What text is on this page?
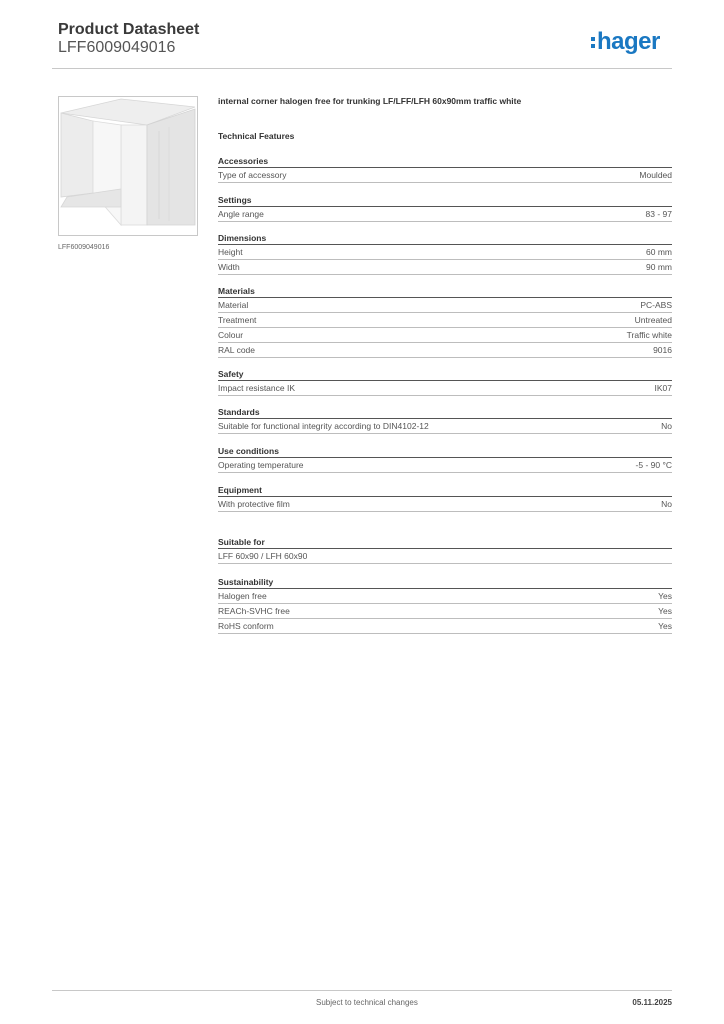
Product Datasheet
LFF6009049016	hager
LFF6009049016
internal corner halogen free for trunking LF/LFF/LFH 60x90mm traffic white
Technical Features
Accessories
Type of accessory	Moulded
Settings
Angle range	83 - 97
Dimensions
Height	60 mm
Width	90 mm
Materials
Material	PC-ABS
Treatment	Untreated
Colour	Traffic white
RAL code	9016
Safety
Impact resistance IK	IK07
Standards
Suitable for functional integrity according to DIN4102-12	No
Use conditions
Operating temperature	-5 - 90 °C
Equipment
With protective film	No
Suitable for
LFF 60x90 / LFH 60x90
Sustainability
Halogen free	Yes
REACh-SVHC free	Yes
RoHS conform	Yes
Subject to technical changes	05.11.2025
